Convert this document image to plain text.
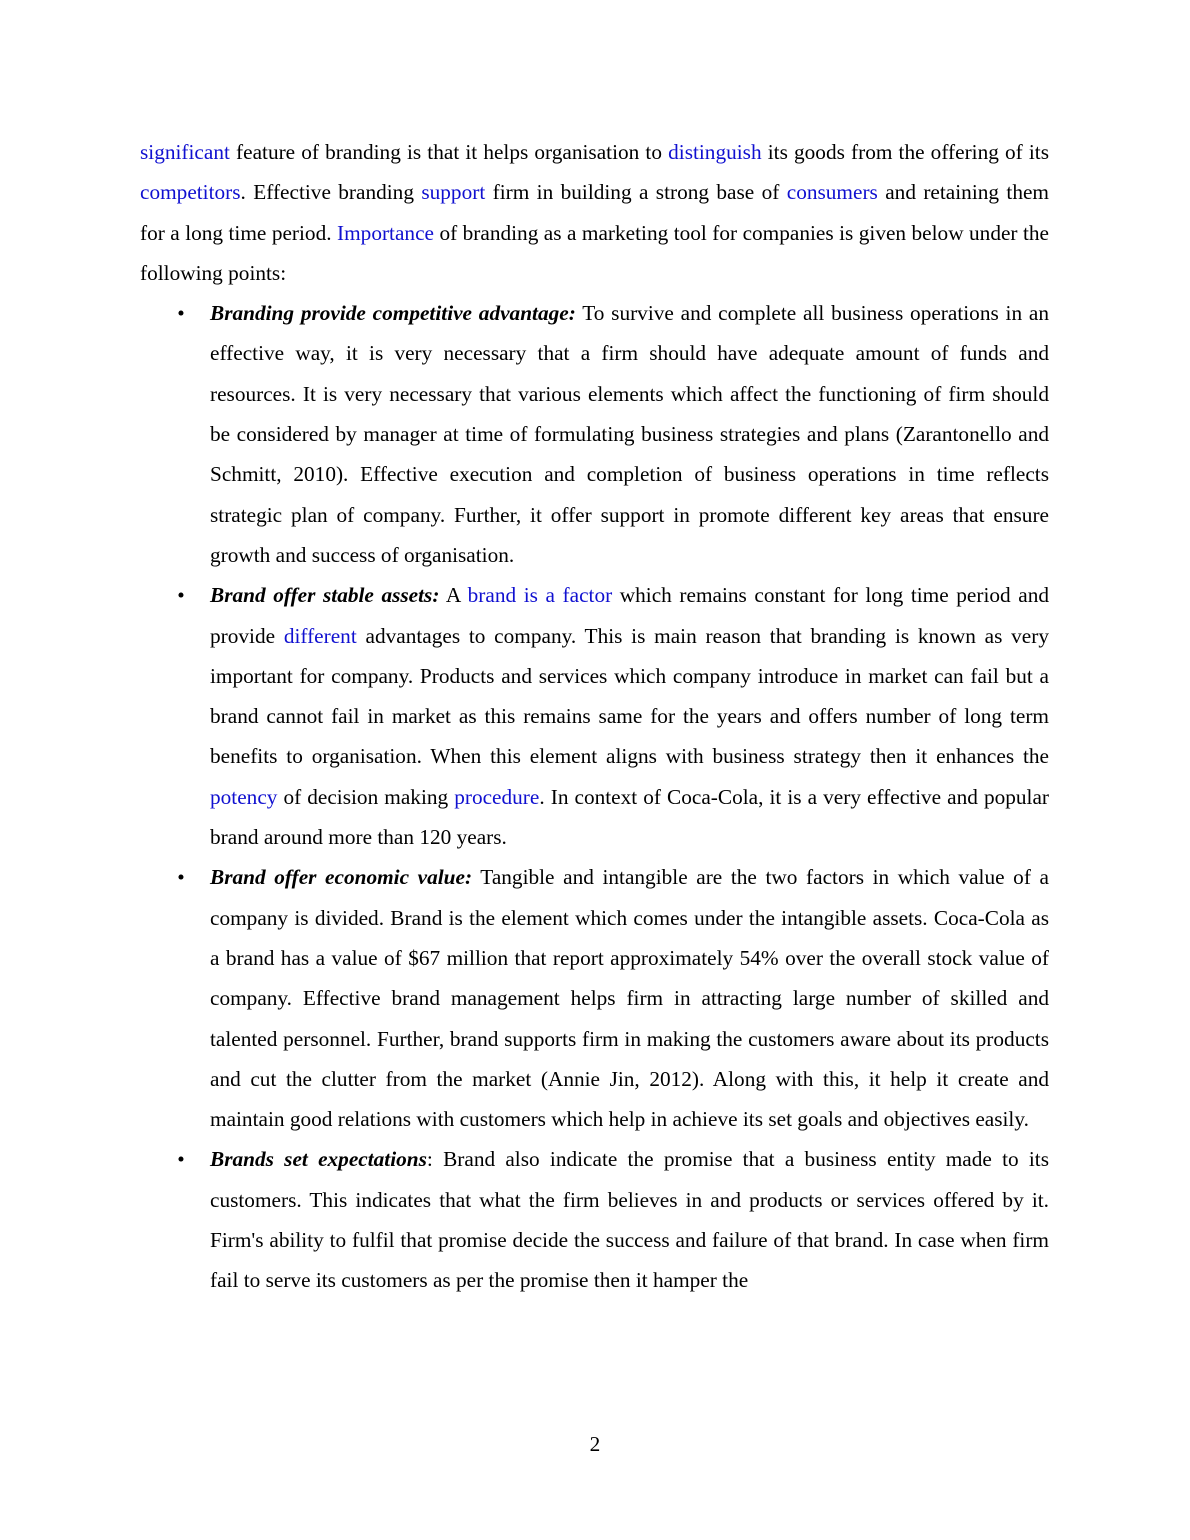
significant feature of branding is that it helps organisation to distinguish its goods from the offering of its competitors. Effective branding support firm in building a strong base of consumers and retaining them for a long time period. Importance of branding as a marketing tool for companies is given below under the following points:

• Branding provide competitive advantage: To survive and complete all business operations in an effective way, it is very necessary that a firm should have adequate amount of funds and resources. It is very necessary that various elements which affect the functioning of firm should be considered by manager at time of formulating business strategies and plans (Zarantonello and Schmitt, 2010). Effective execution and completion of business operations in time reflects strategic plan of company. Further, it offer support in promote different key areas that ensure growth and success of organisation.
• Brand offer stable assets: A brand is a factor which remains constant for long time period and provide different advantages to company. This is main reason that branding is known as very important for company. Products and services which company introduce in market can fail but a brand cannot fail in market as this remains same for the years and offers number of long term benefits to organisation. When this element aligns with business strategy then it enhances the potency of decision making procedure. In context of Coca-Cola, it is a very effective and popular brand around more than 120 years.
• Brand offer economic value: Tangible and intangible are the two factors in which value of a company is divided. Brand is the element which comes under the intangible assets. Coca-Cola as a brand has a value of $67 million that report approximately 54% over the overall stock value of company. Effective brand management helps firm in attracting large number of skilled and talented personnel. Further, brand supports firm in making the customers aware about its products and cut the clutter from the market (Annie Jin, 2012). Along with this, it help it create and maintain good relations with customers which help in achieve its set goals and objectives easily.
• Brands set expectations: Brand also indicate the promise that a business entity made to its customers. This indicates that what the firm believes in and products or services offered by it. Firm's ability to fulfil that promise decide the success and failure of that brand. In case when firm fail to serve its customers as per the promise then it hamper the
2
